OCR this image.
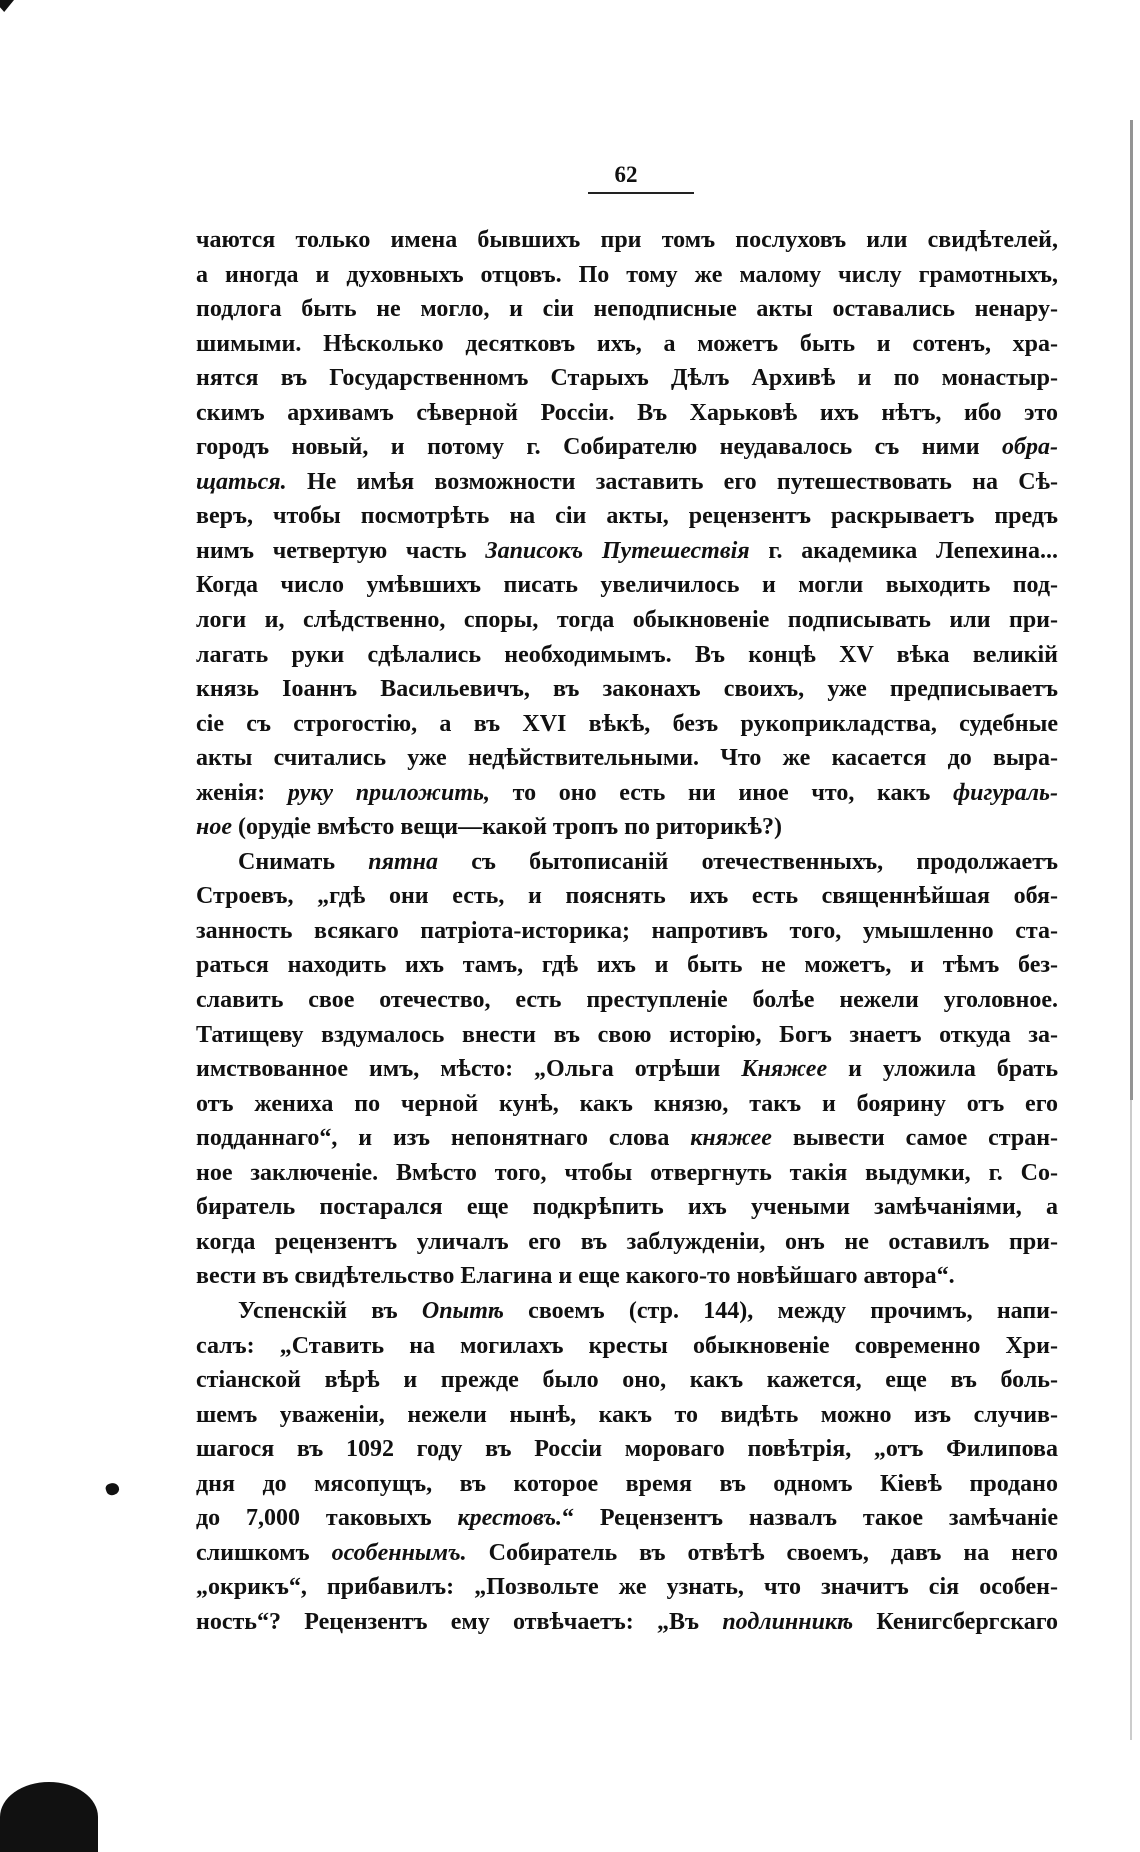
62
чаются только имена бывшихъ при томъ послуховъ или свидѣтелей,
а иногда и духовныхъ отцовъ. По тому же малому числу грамотныхъ,
подлога быть не могло, и сіи неподписные акты оставались ненару-
шимыми. Нѣсколько десятковъ ихъ, а можетъ быть и сотенъ, хра-
нятся въ Государственномъ Старыхъ Дѣлъ Архивѣ и по монастыр-
скимъ архивамъ сѣверной Россіи. Въ Харьковѣ ихъ нѣтъ, ибо это
городъ новый, и потому г. Собирателю неудавалось съ ними обра-
щаться. Не имѣя возможности заставить его путешествовать на Сѣ-
веръ, чтобы посмотрѣть на сіи акты, рецензентъ раскрываетъ предъ
нимъ четвертую часть Записокъ Путешествія г. академика Лепехина...
Когда число умѣвшихъ писать увеличилось и могли выходить под-
логи и, слѣдственно, споры, тогда обыкновеніе подписывать или при-
лагать руки сдѣлались необходимымъ. Въ концѣ XV вѣка великій
князь Іоаннъ Васильевичъ, въ законахъ своихъ, уже предписываетъ
сіе съ строгостію, а въ XVI вѣкѣ, безъ рукоприкладства, судебные
акты считались уже недѣйствительными. Что же касается до выра-
женія: руку приложить, то оно есть ни иное что, какъ фигураль-
ное (орудіе вмѣсто вещи—какой тропъ по риторикѣ?)
Снимать пятна съ бытописаній отечественныхъ, продолжаетъ
Строевъ, „гдѣ они есть, и пояснять ихъ есть священнѣйшая обя-
занность всякаго патріота-историка; напротивъ того, умышленно ста-
раться находить ихъ тамъ, гдѣ ихъ и быть не можетъ, и тѣмъ без-
славить свое отечество, есть преступленіе болѣе нежели уголовное.
Татищеву вздумалось внести въ свою исторію, Богъ знаетъ откуда за-
имствованное имъ, мѣсто: „Ольга отрѣши Княжее и уложила брать
отъ жениха по черной кунѣ, какъ князю, такъ и боярину отъ его
подданнаго“, и изъ непонятнаго слова княжее вывести самое стран-
ное заключеніе. Вмѣсто того, чтобы отвергнуть такія выдумки, г. Со-
биратель постарался еще подкрѣпить ихъ учеными замѣчаніями, а
когда рецензентъ уличалъ его въ заблужденіи, онъ не оставилъ при-
вести въ свидѣтельство Елагина и еще какого-то новѣйшаго автора“.
Успенскій въ Опытѣ своемъ (стр. 144), между прочимъ, напи-
салъ: „Ставить на могилахъ кресты обыкновеніе современно Хри-
стіанской вѣрѣ и прежде было оно, какъ кажется, еще въ боль-
шемъ уваженіи, нежели нынѣ, какъ то видѣть можно изъ случив-
шагося въ 1092 году въ Россіи моровaго повѣтрія, „отъ Филипова
дня до мясопущъ, въ которое время въ одномъ Кіевѣ продано
до 7,000 таковыхъ крестовъ.“ Рецензентъ назвалъ такое замѣчаніе
слишкомъ особеннымъ. Собиратель въ отвѣтѣ своемъ, давъ на него
„окрикъ“, прибавилъ: „Позвольте же узнать, что значитъ сія особен-
ность“? Рецензентъ ему отвѣчаетъ: „Въ подлинникѣ Кенигсбергскаго
